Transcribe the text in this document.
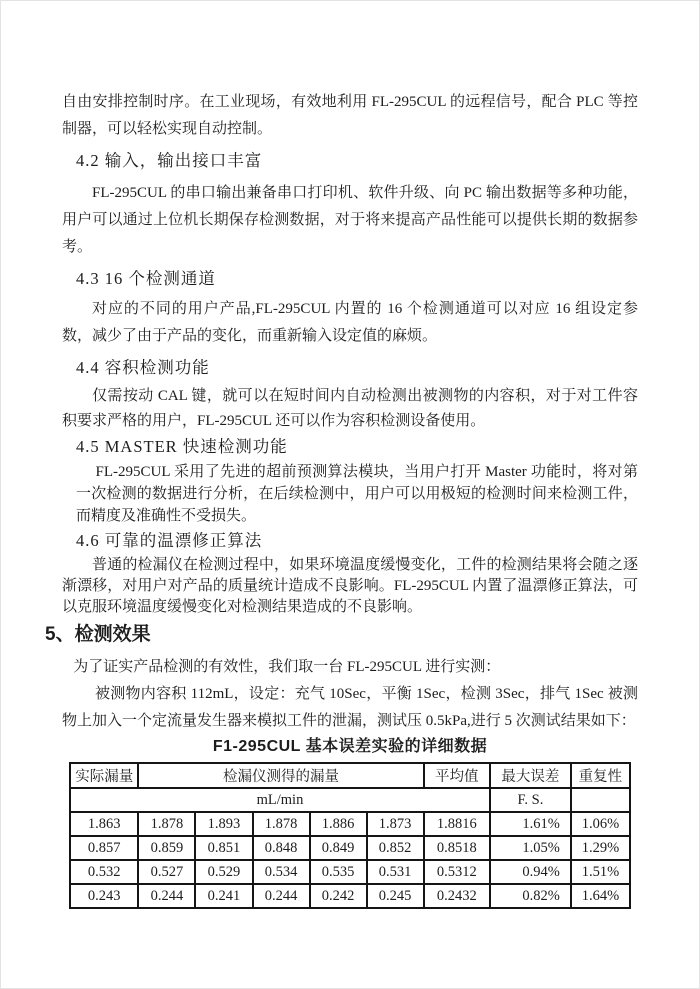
自由安排控制时序。在工业现场，有效地利用 FL-295CUL 的远程信号，配合 PLC 等控制器，可以轻松实现自动控制。

4.2 输入，输出接口丰富

FL-295CUL 的串口输出兼备串口打印机、软件升级、向 PC 输出数据等多种功能，用户可以通过上位机长期保存检测数据，对于将来提高产品性能可以提供长期的数据参考。

4.3 16 个检测通道

对应的不同的用户产品,FL-295CUL 内置的 16 个检测通道可以对应 16 组设定参数，减少了由于产品的变化，而重新输入设定值的麻烦。

4.4 容积检测功能

仅需按动 CAL 键，就可以在短时间内自动检测出被测物的内容积，对于对工件容积要求严格的用户，FL-295CUL 还可以作为容积检测设备使用。

4.5 MASTER 快速检测功能

FL-295CUL 采用了先进的超前预测算法模块，当用户打开 Master 功能时，将对第一次检测的数据进行分析，在后续检测中，用户可以用极短的检测时间来检测工件，而精度及准确性不受损失。

4.6 可靠的温漂修正算法

普通的检漏仪在检测过程中，如果环境温度缓慢变化，工件的检测结果将会随之逐渐漂移，对用户对产品的质量统计造成不良影响。FL-295CUL 内置了温漂修正算法，可以克服环境温度缓慢变化对检测结果造成的不良影响。

5、检测效果

为了证实产品检测的有效性，我们取一台 FL-295CUL 进行实测：

被测物内容积 112mL，设定：充气 10Sec，平衡 1Sec，检测 3Sec，排气 1Sec 被测物上加入一个定流量发生器来模拟工件的泄漏，测试压 0.5kPa,进行 5 次测试结果如下：

F1-295CUL 基本误差实验的详细数据
实际漏量	检漏仪测得的漏量					平均值	最大误差	重复性
mL/min							F. S.	
1.863	1.878	1.893	1.878	1.886	1.873	1.8816	1.61%	1.06%
0.857	0.859	0.851	0.848	0.849	0.852	0.8518	1.05%	1.29%
0.532	0.527	0.529	0.534	0.535	0.531	0.5312	0.94%	1.51%
0.243	0.244	0.241	0.244	0.242	0.245	0.2432	0.82%	1.64%
